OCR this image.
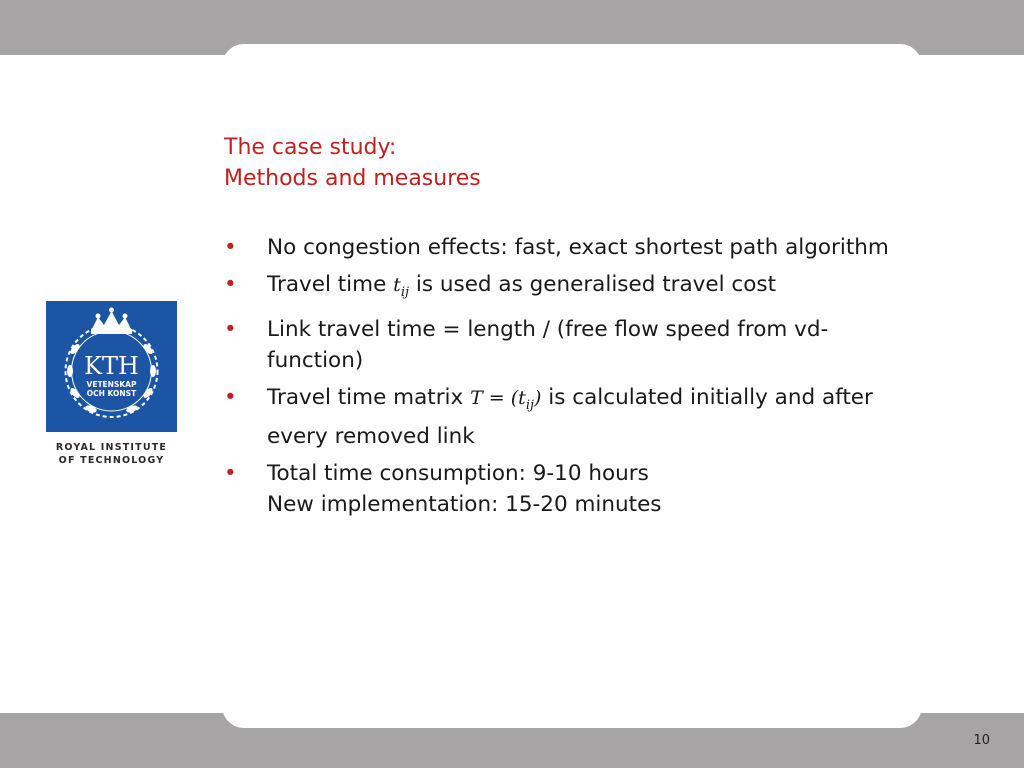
The case study:
Methods and measures
•	No congestion effects: fast, exact shortest path algorithm
•	Travel time $t_{ij}$ is used as generalised travel cost
•	Link travel time = length / (free flow speed from vd-function)
•	Travel time matrix $T = (t_{ij})$ is calculated initially and after every removed link
•	Total time consumption: 9-10 hours
New implementation: 15-20 minutes
KTH
VETENSKAP
OCH KONST
ROYAL INSTITUTE
OF TECHNOLOGY
10
